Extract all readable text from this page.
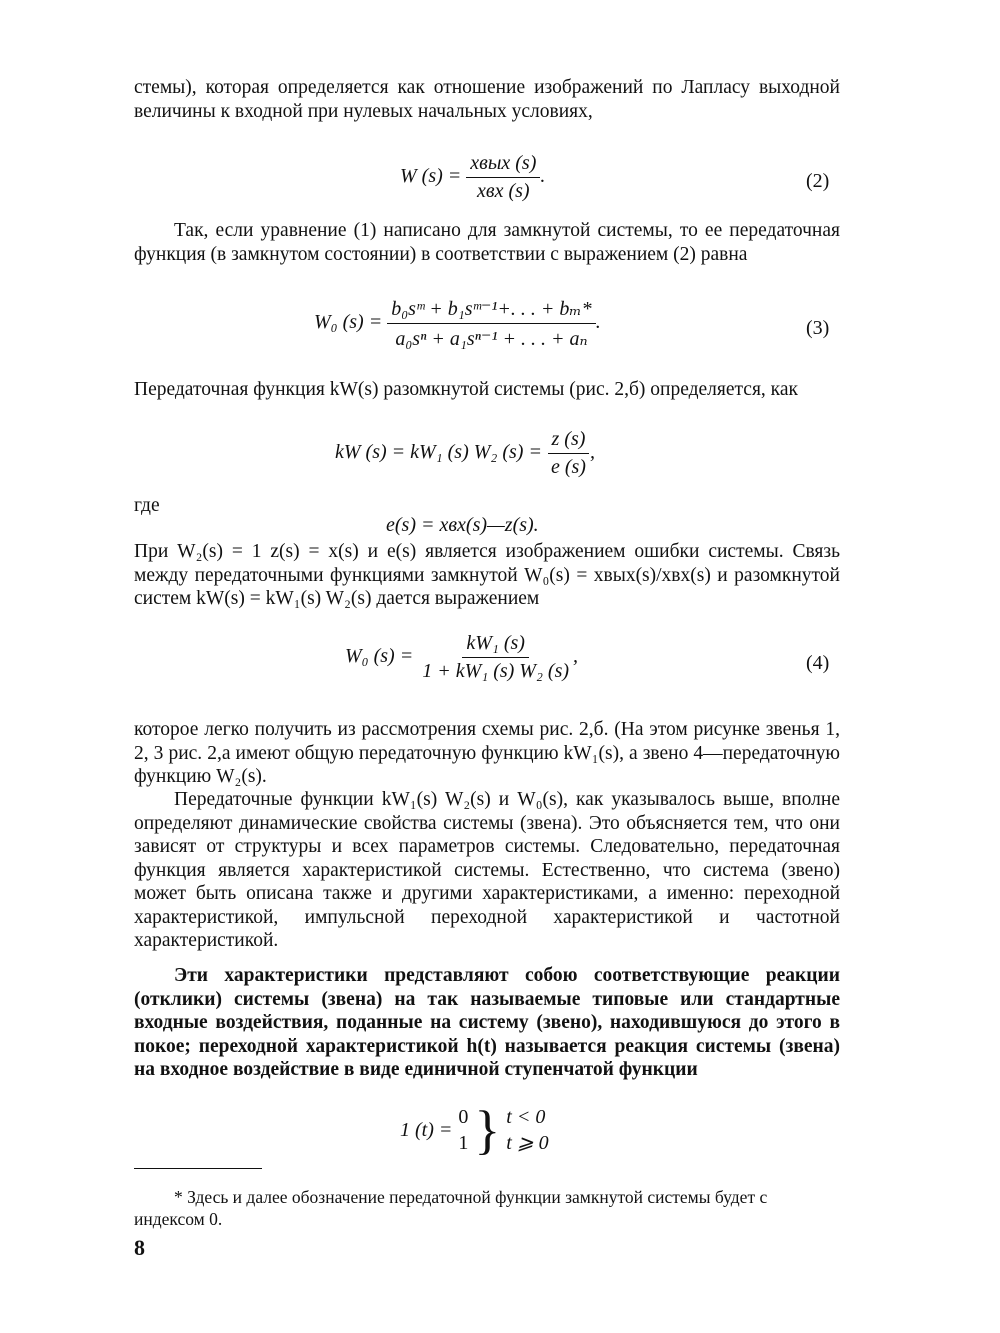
стемы), которая определяется как отношение изображений по Лапласу выходной величины к входной при нулевых начальных условиях,

W $(s) = \frac{\text{xвых (s)}}{\text{xвх (s)}}$ .	(2)

Так, если уравнение (1) написано для замкнутой системы, то ее передаточная функция (в замкнутом состоянии) в соответствии с выражением (2) равна

W₀ $(s) = \frac{\text{b₀sᵐ + b₁sᵐ⁻¹+. . . + bₘ*}}{\text{a₀sⁿ + a₁sⁿ⁻¹ + . . . + aₙ}}$ .	(3)

Передаточная функция kW(s) разомкнутой системы (рис. 2,б) определяется, как

kW (s) = kW₁ (s) W₂ $(s) = \frac{z (s)}{e (s)}$ ,

где

e(s) = xвх(s)—z(s).

При W₂(s) = 1 z(s) = x(s) и e(s) является изображением ошибки системы. Связь между передаточными функциями замкнутой W₀(s) = xвых(s)/xвх(s) и разомкнутой систем kW(s) = kW₁(s) W₂(s) дается выражением

W₀ $(s) = \frac{\text{kW₁ (s)}}{\text{1 + kW₁ (s) W₂ (s)}}$ ,	(4)

которое легко получить из рассмотрения схемы рис. 2,б. (На этом рисунке звенья 1, 2, 3 рис. 2,а имеют общую передаточную функцию kW₁(s), а звено 4—передаточную функцию W₂(s).

Передаточные функции kW₁(s) W₂(s) и W₀(s), как указывалось выше, вполне определяют динамические свойства системы (звена). Это объясняется тем, что они зависят от структуры и всех параметров системы. Следовательно, передаточная функция является характеристикой системы. Естественно, что система (звено) может быть описана также и другими характеристиками, а именно: переходной характеристикой, импульсной переходной характеристикой и частотной характеристикой.

Эти характеристики представляют собою соответствующие реакции (отклики) системы (звена) на так называемые типовые или стандартные входные воздействия, поданные на систему (звено), находившуюся до этого в покое; переходной характеристикой h(t) называется реакция системы (звена) на входное воздействие в виде единичной ступенчатой функции

1 (t) =
0
1 } t < 0
t ⩾ 0

* Здесь и далее обозначение передаточной функции замкнутой системы будет с индексом 0.

8
